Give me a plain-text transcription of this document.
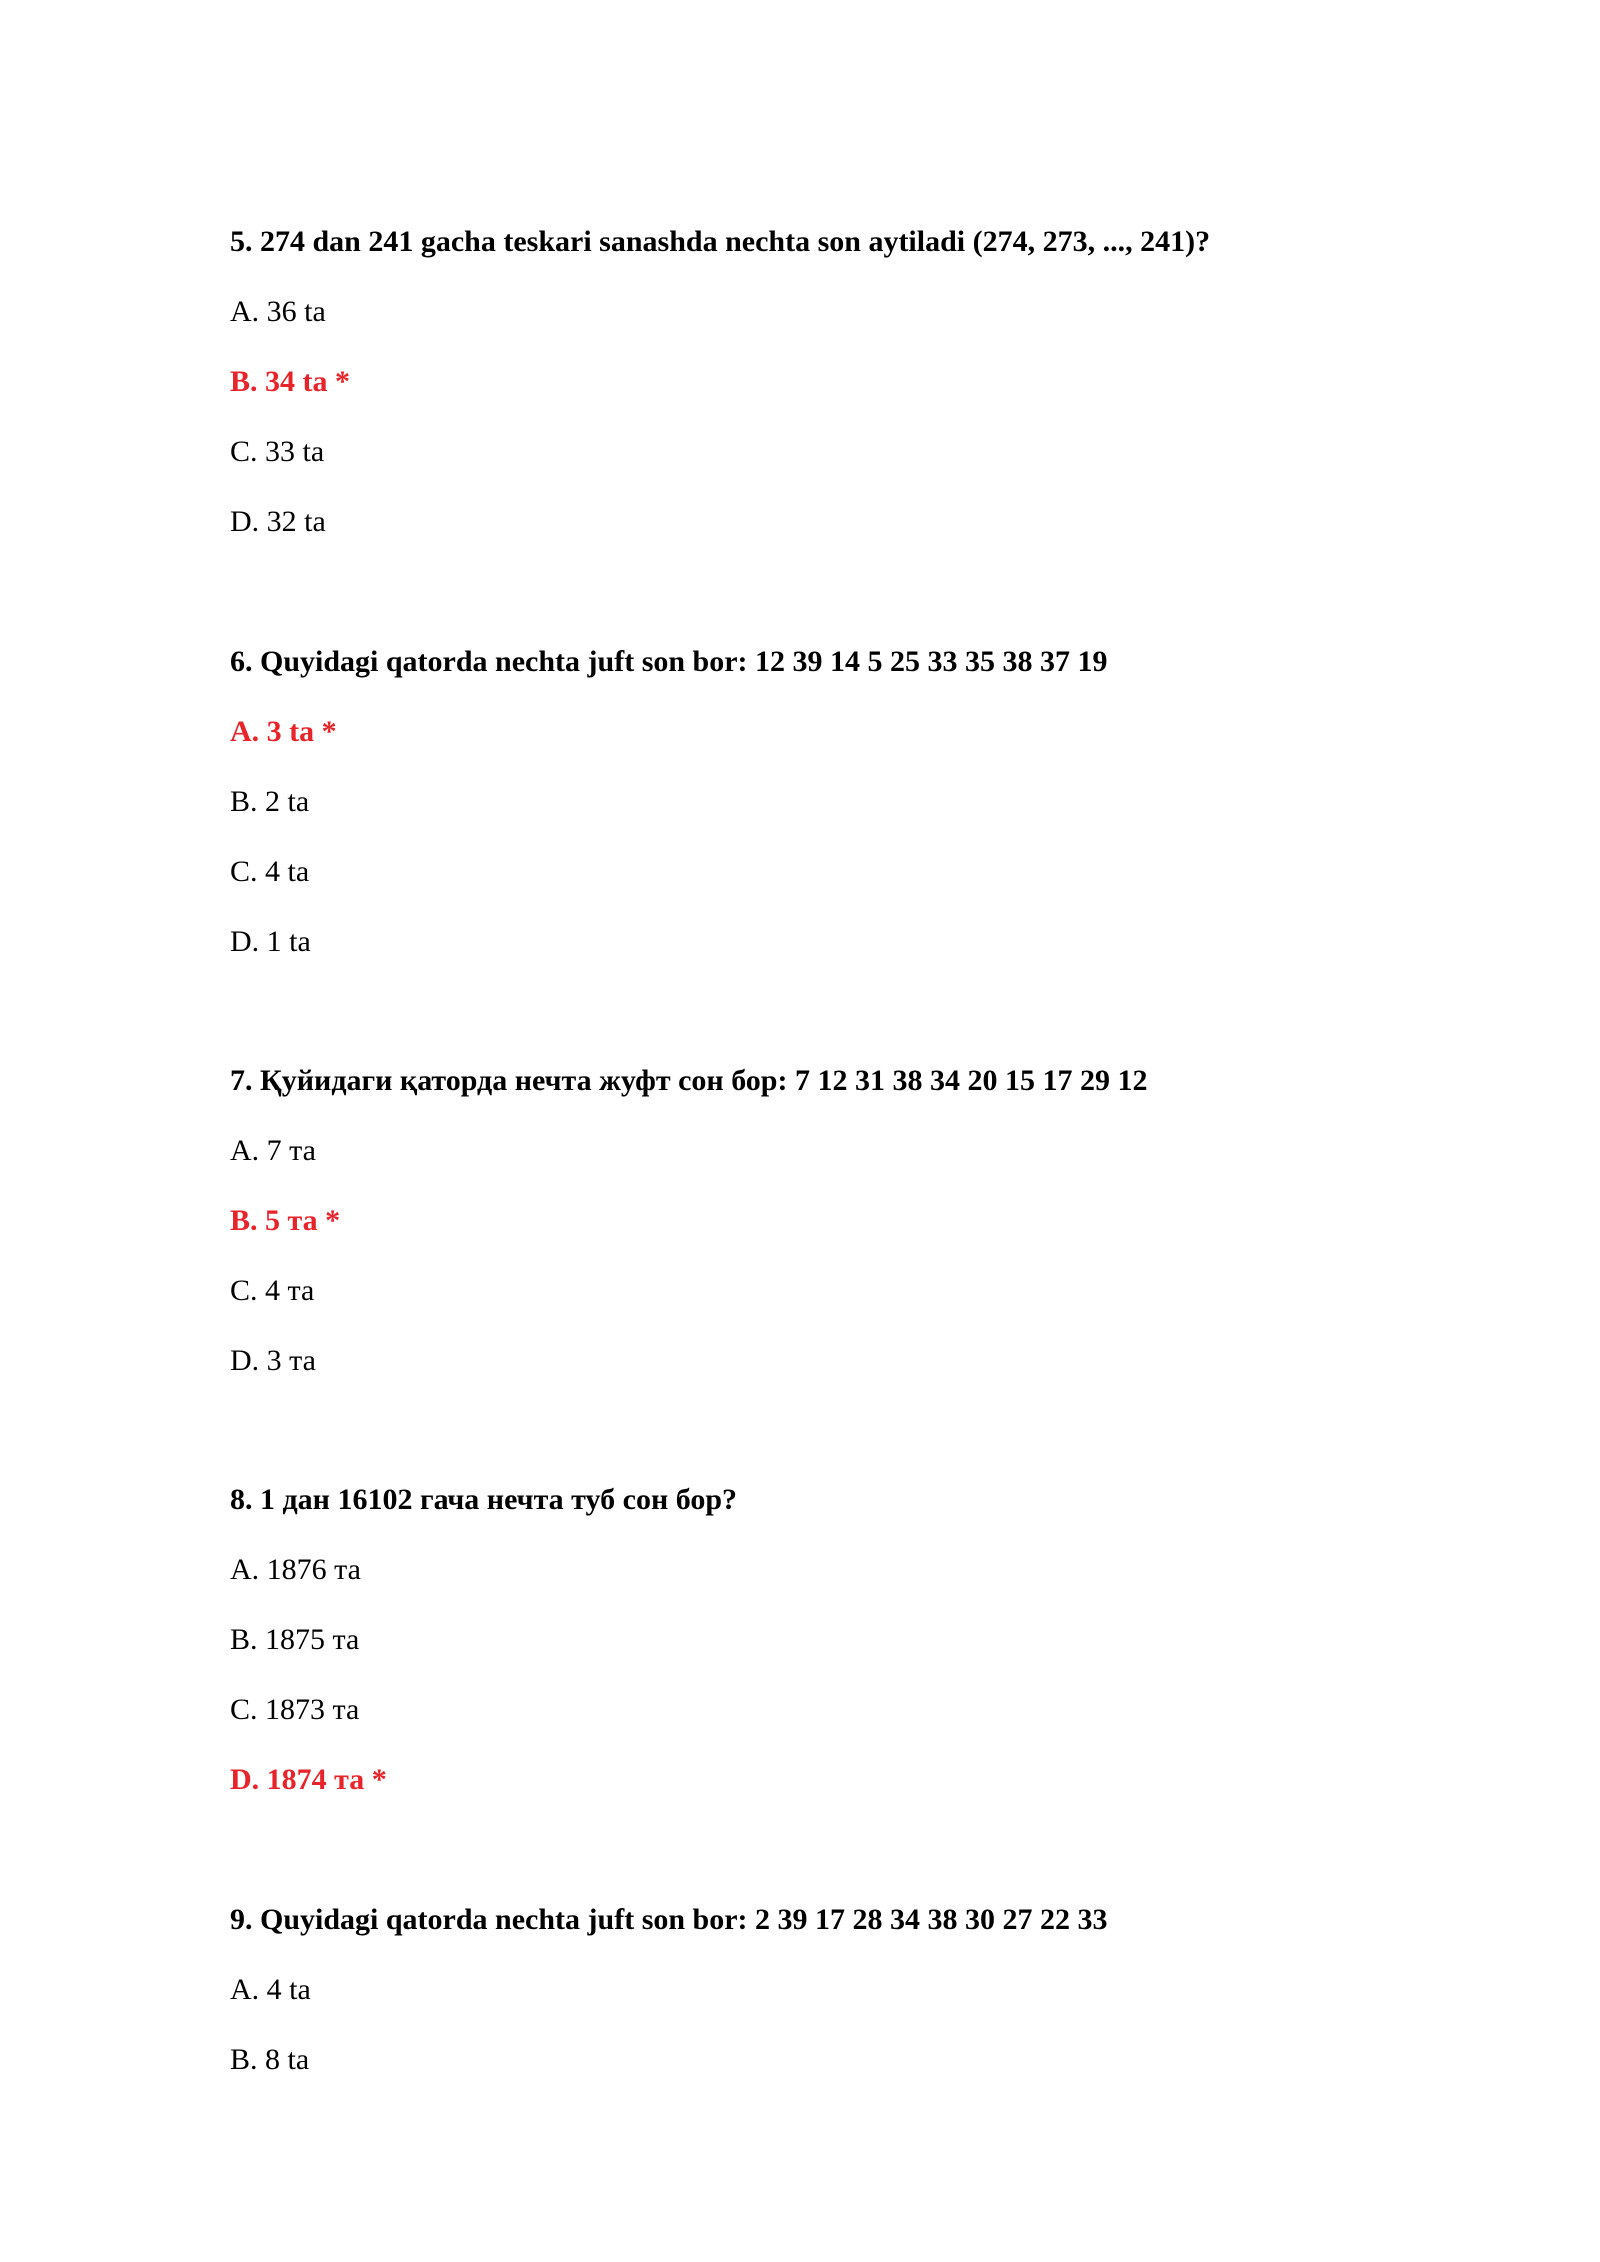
5. 274 dan 241 gacha teskari sanashda nechta son aytiladi (274, 273, ..., 241)?

A. 36 ta
B. 34 ta *
C. 33 ta
D. 32 ta

6. Quyidagi qatorda nechta juft son bor: 12 39 14 5 25 33 35 38 37 19

A. 3 ta *
B. 2 ta
C. 4 ta
D. 1 ta

7. Қуйидаги қаторда нечта жуфт сон бор: 7 12 31 38 34 20 15 17 29 12

A. 7 та
B. 5 та *
C. 4 та
D. 3 та

8. 1 дан 16102 гача нечта туб сон бор?

A. 1876 та
B. 1875 та
C. 1873 та
D. 1874 та *

9. Quyidagi qatorda nechta juft son bor: 2 39 17 28 34 38 30 27 22 33

A. 4 ta
B. 8 ta
